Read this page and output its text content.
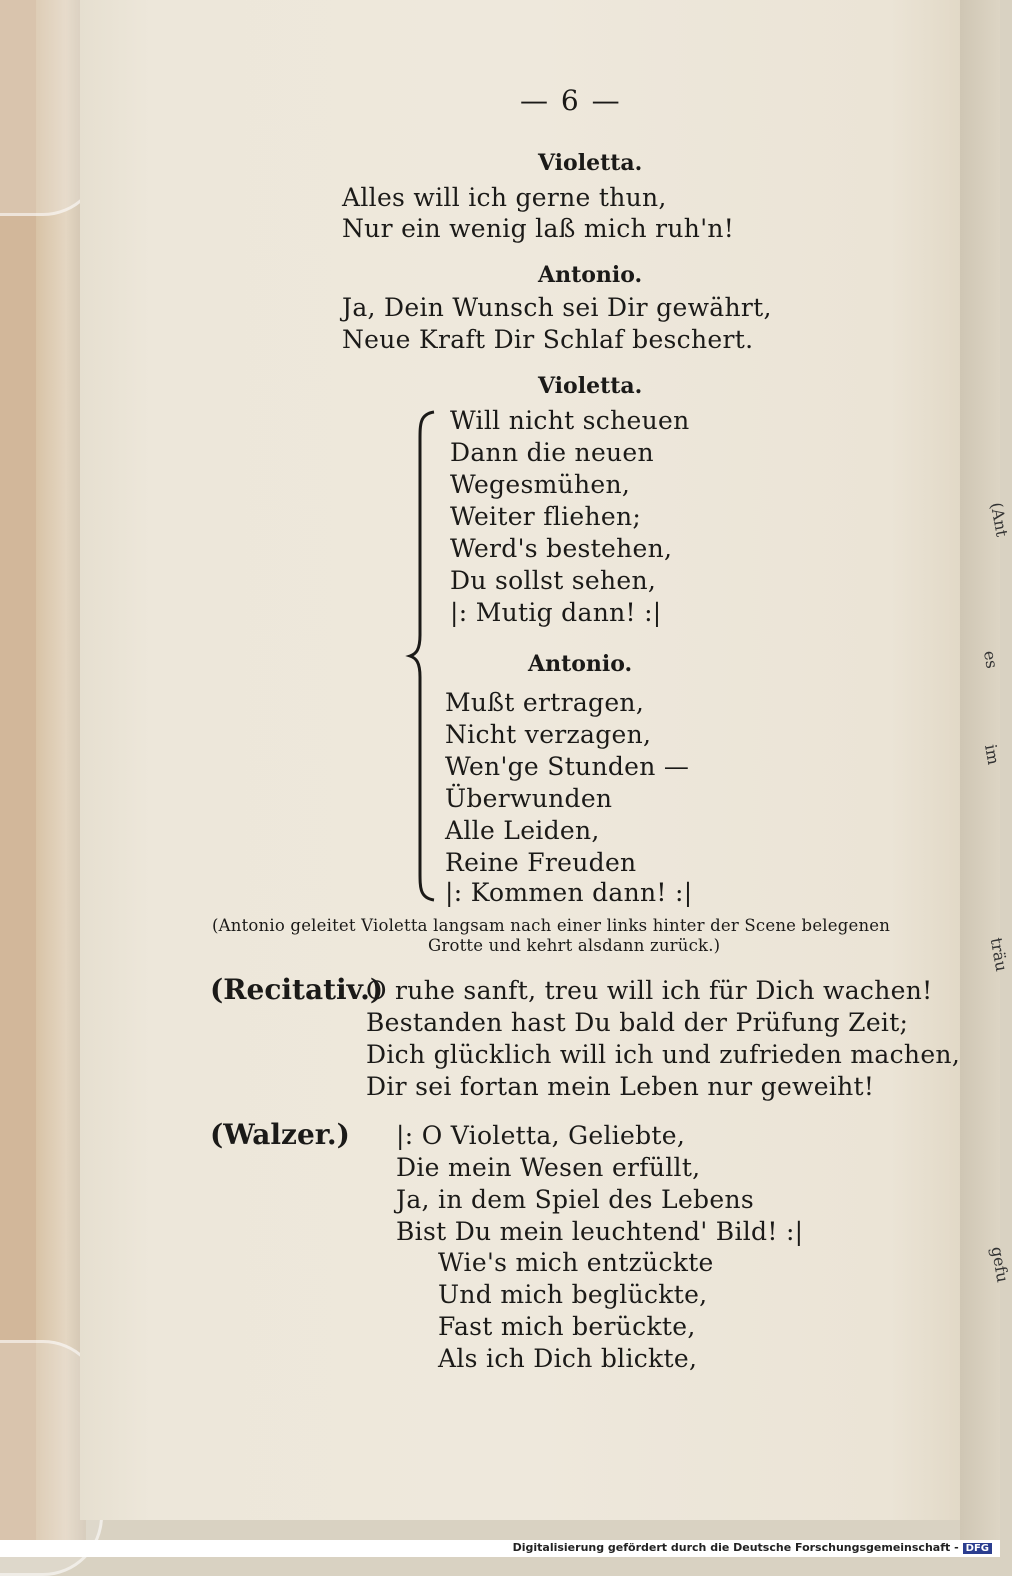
(Ant
es
im
träu
gefu
— 6 —
Violetta.
Alles will ich gerne thun,
Nur ein wenig laß mich ruh'n!
Antonio.
Ja, Dein Wunsch sei Dir gewährt,
Neue Kraft Dir Schlaf beschert.
Violetta.
Will nicht scheuen
Dann die neuen
Wegesmühen,
Weiter fliehen;
Werd's bestehen,
Du sollst sehen,
|: Mutig dann! :|
Antonio.
Mußt ertragen,
Nicht verzagen,
Wen'ge Stunden —
Überwunden
Alle Leiden,
Reine Freuden
|: Kommen dann! :|
(Antonio geleitet Violetta langsam nach einer links hinter der Scene belegenen
Grotte und kehrt alsdann zurück.)
(Recitativ.)
O ruhe sanft, treu will ich für Dich wachen!
Bestanden hast Du bald der Prüfung Zeit;
Dich glücklich will ich und zufrieden machen,
Dir sei fortan mein Leben nur geweiht!
(Walzer.) |: O Violetta, Geliebte,
Die mein Wesen erfüllt,
Ja, in dem Spiel des Lebens
Bist Du mein leuchtend' Bild! :|
Wie's mich entzückte
Und mich beglückte,
Fast mich berückte,
Als ich Dich blickte,
Digitalisierung gefördert durch die Deutsche Forschungsgemeinschaft - DFG
